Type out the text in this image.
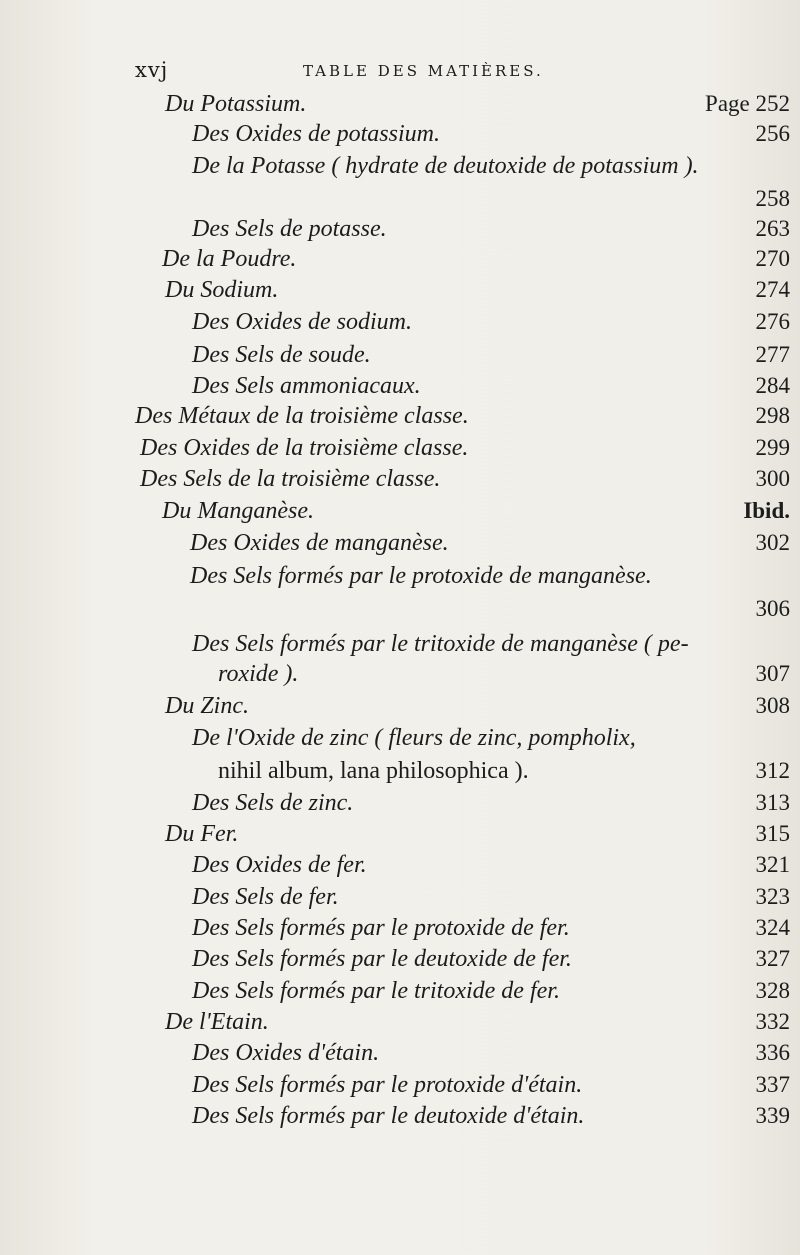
xvj	TABLE DES MATIÈRES.
Du Potassium.	Page 252
Des Oxides de potassium.	256
De la Potasse ( hydrate de deutoxide de potassium ).
258
Des Sels de potasse.	263
De la Poudre.	270
Du Sodium.	274
Des Oxides de sodium.	276
Des Sels de soude.	277
Des Sels ammoniacaux.	284
Des Métaux de la troisième classe.	298
Des Oxides de la troisième classe.	299
Des Sels de la troisième classe.	300
Du Manganèse.	Ibid.
Des Oxides de manganèse.	302
Des Sels formés par le protoxide de manganèse.
306
Des Sels formés par le tritoxide de manganèse ( pe-
roxide ).	307
Du Zinc.	308
De l'Oxide de zinc ( fleurs de zinc, pompholix,
nihil album, lana philosophica ).	312
Des Sels de zinc.	313
Du Fer.	315
Des Oxides de fer.	321
Des Sels de fer.	323
Des Sels formés par le protoxide de fer.	324
Des Sels formés par le deutoxide de fer.	327
Des Sels formés par le tritoxide de fer.	328
De l'Etain.	332
Des Oxides d'étain.	336
Des Sels formés par le protoxide d'étain.	337
Des Sels formés par le deutoxide d'étain.	339
